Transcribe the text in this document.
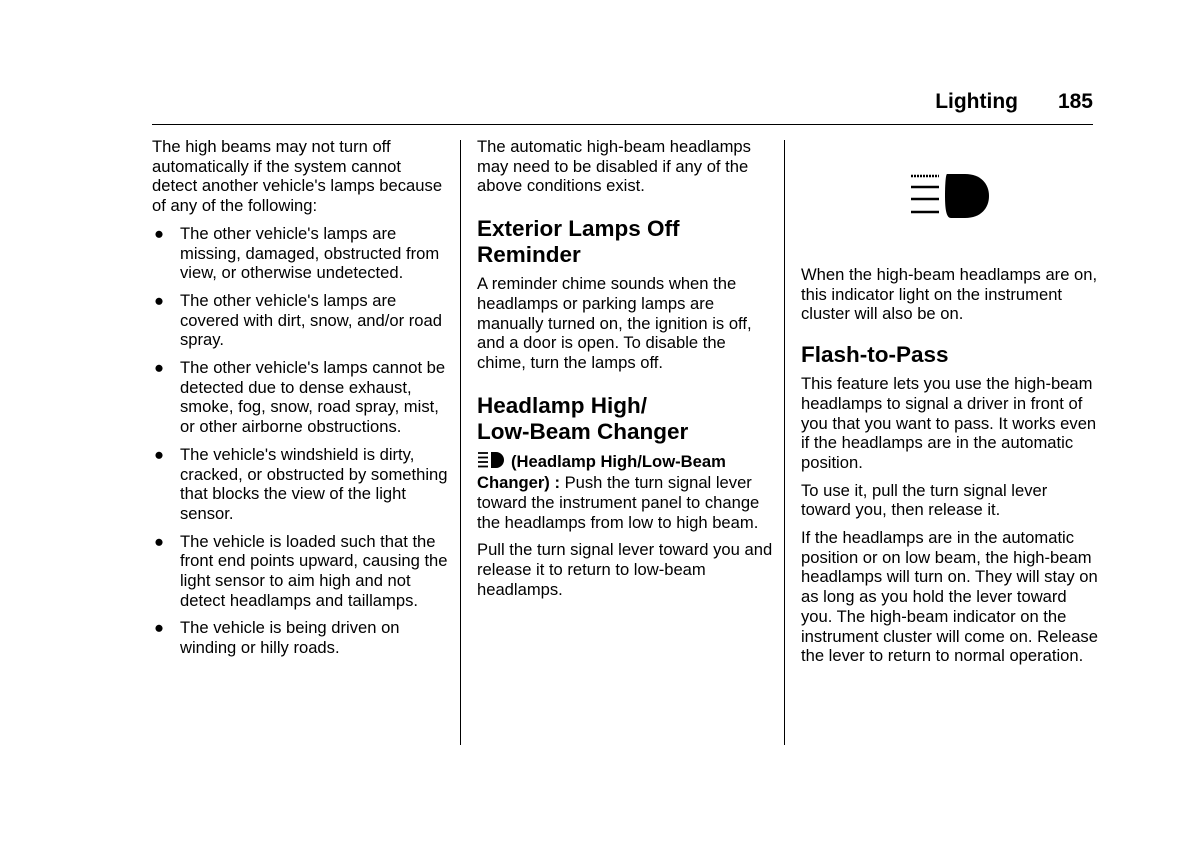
Lighting 185

The high beams may not turn off automatically if the system cannot detect another vehicle's lamps because of any of the following:

● The other vehicle's lamps are missing, damaged, obstructed from view, or otherwise undetected.
● The other vehicle's lamps are covered with dirt, snow, and/or road spray.
● The other vehicle's lamps cannot be detected due to dense exhaust, smoke, fog, snow, road spray, mist, or other airborne obstructions.
● The vehicle's windshield is dirty, cracked, or obstructed by something that blocks the view of the light sensor.
● The vehicle is loaded such that the front end points upward, causing the light sensor to aim high and not detect headlamps and taillamps.
● The vehicle is being driven on winding or hilly roads.

The automatic high-beam headlamps may need to be disabled if any of the above conditions exist.

Exterior Lamps Off
Reminder

A reminder chime sounds when the headlamps or parking lamps are manually turned on, the ignition is off, and a door is open. To disable the chime, turn the lamps off.

Headlamp High/
Low-Beam Changer

(Headlamp High/Low-Beam Changer) : Push the turn signal lever toward the instrument panel to change the headlamps from low to high beam.

Pull the turn signal lever toward you and release it to return to low-beam headlamps.

When the high-beam headlamps are on, this indicator light on the instrument cluster will also be on.

Flash-to-Pass

This feature lets you use the high-beam headlamps to signal a driver in front of you that you want to pass. It works even if the headlamps are in the automatic position.

To use it, pull the turn signal lever toward you, then release it.

If the headlamps are in the automatic position or on low beam, the high-beam headlamps will turn on. They will stay on as long as you hold the lever toward you. The high-beam indicator on the instrument cluster will come on. Release the lever to return to normal operation.
